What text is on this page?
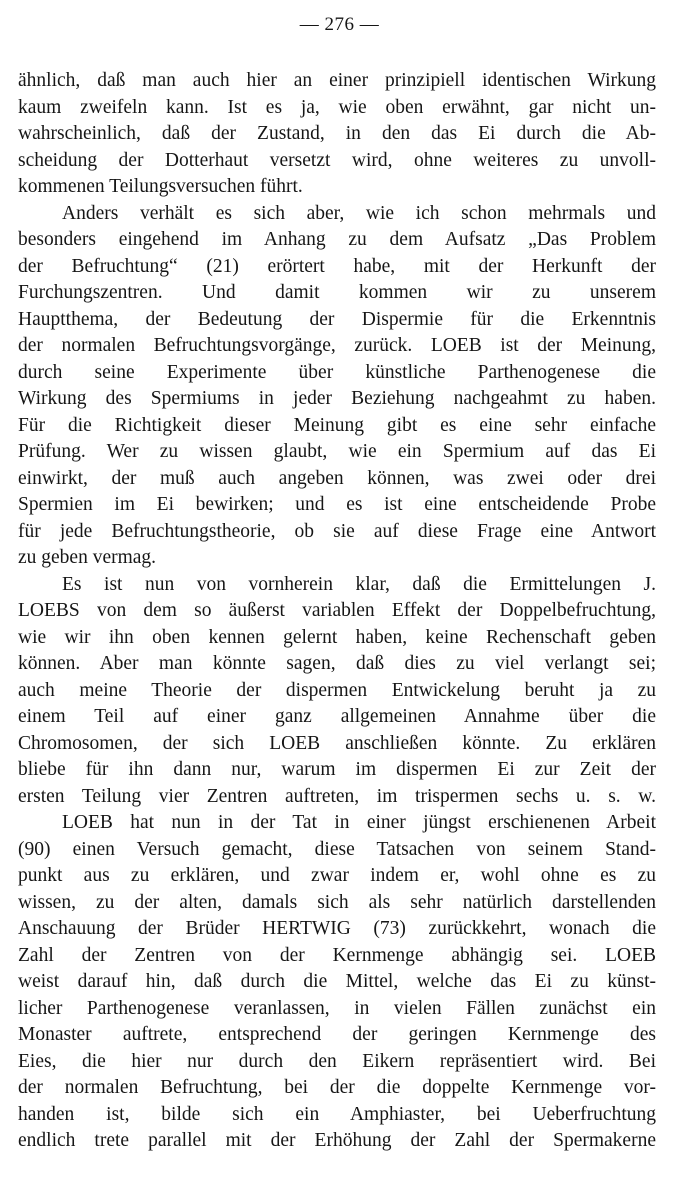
— 276 —
ähnlich, daß man auch hier an einer prinzipiell identischen Wirkung
kaum zweifeln kann. Ist es ja, wie oben erwähnt, gar nicht un-
wahrscheinlich, daß der Zustand, in den das Ei durch die Ab-
scheidung der Dotterhaut versetzt wird, ohne weiteres zu unvoll-
kommenen Teilungsversuchen führt.
Anders verhält es sich aber, wie ich schon mehrmals und
besonders eingehend im Anhang zu dem Aufsatz „Das Problem
der Befruchtung“ (21) erörtert habe, mit der Herkunft der
Furchungszentren. Und damit kommen wir zu unserem
Hauptthema, der Bedeutung der Dispermie für die Erkenntnis
der normalen Befruchtungsvorgänge, zurück. LOEB ist der Meinung,
durch seine Experimente über künstliche Parthenogenese die
Wirkung des Spermiums in jeder Beziehung nachgeahmt zu haben.
Für die Richtigkeit dieser Meinung gibt es eine sehr einfache
Prüfung. Wer zu wissen glaubt, wie ein Spermium auf das Ei
einwirkt, der muß auch angeben können, was zwei oder drei
Spermien im Ei bewirken; und es ist eine entscheidende Probe
für jede Befruchtungstheorie, ob sie auf diese Frage eine Antwort
zu geben vermag.
Es ist nun von vornherein klar, daß die Ermittelungen J.
LOEBS von dem so äußerst variablen Effekt der Doppelbefruchtung,
wie wir ihn oben kennen gelernt haben, keine Rechenschaft geben
können. Aber man könnte sagen, daß dies zu viel verlangt sei;
auch meine Theorie der dispermen Entwickelung beruht ja zu
einem Teil auf einer ganz allgemeinen Annahme über die
Chromosomen, der sich LOEB anschließen könnte. Zu erklären
bliebe für ihn dann nur, warum im dispermen Ei zur Zeit der
ersten Teilung vier Zentren auftreten, im trispermen sechs u. s. w.
LOEB hat nun in der Tat in einer jüngst erschienenen Arbeit
(90) einen Versuch gemacht, diese Tatsachen von seinem Stand-
punkt aus zu erklären, und zwar indem er, wohl ohne es zu
wissen, zu der alten, damals sich als sehr natürlich darstellenden
Anschauung der Brüder HERTWIG (73) zurückkehrt, wonach die
Zahl der Zentren von der Kernmenge abhängig sei. LOEB
weist darauf hin, daß durch die Mittel, welche das Ei zu künst-
licher Parthenogenese veranlassen, in vielen Fällen zunächst ein
Monaster auftrete, entsprechend der geringen Kernmenge des
Eies, die hier nur durch den Eikern repräsentiert wird. Bei
der normalen Befruchtung, bei der die doppelte Kernmenge vor-
handen ist, bilde sich ein Amphiaster, bei Ueberfruchtung
endlich trete parallel mit der Erhöhung der Zahl der Spermakerne
